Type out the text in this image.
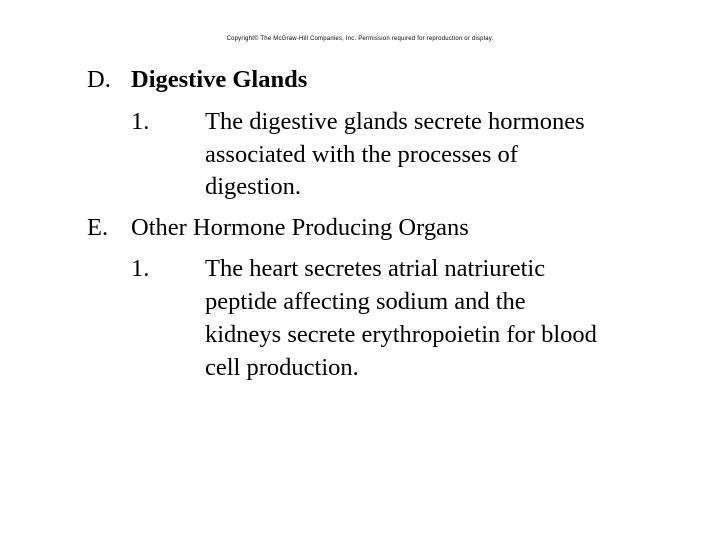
Copyright© The McGraw-Hill Companies, Inc. Permission required for reproduction or display.
D. Digestive Glands
1. The digestive glands secrete hormones
associated with the processes of
digestion.
E. Other Hormone Producing Organs
1. The heart secretes atrial natriuretic
peptide affecting sodium and the
kidneys secrete erythropoietin for blood
cell production.
